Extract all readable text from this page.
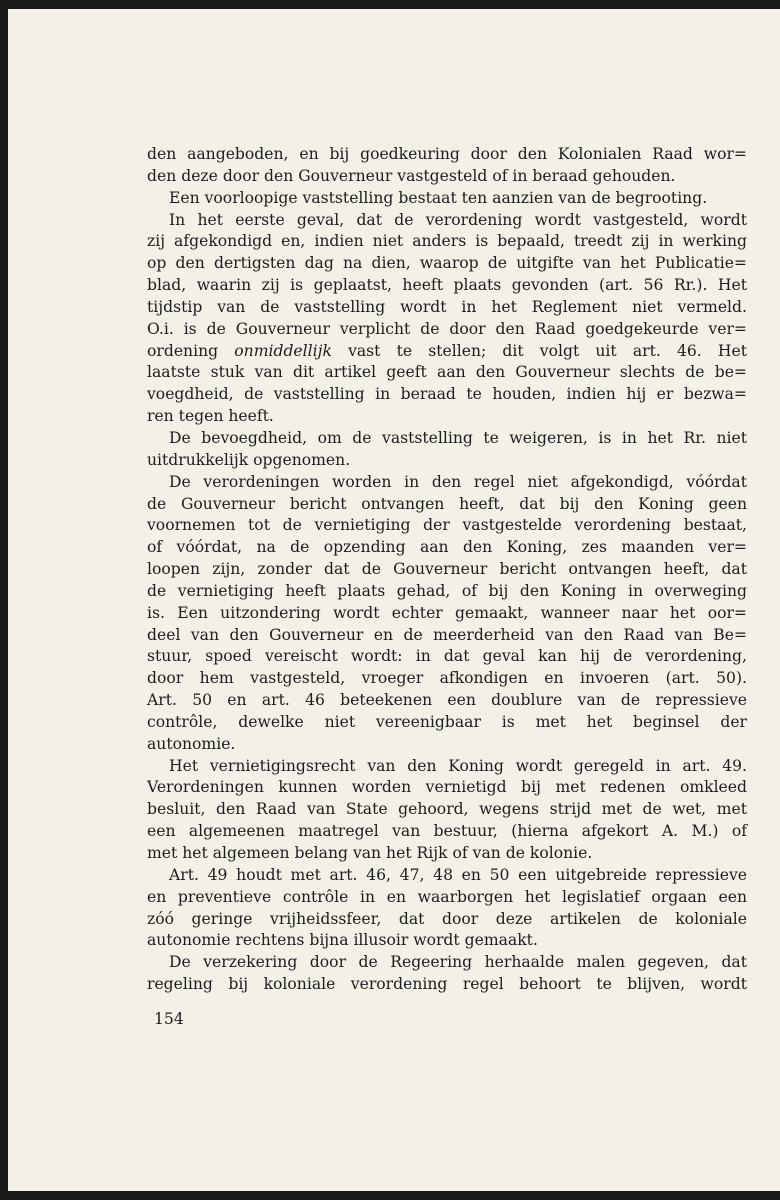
den aangeboden, en bij goedkeuring door den Kolonialen Raad wor=
den deze door den Gouverneur vastgesteld of in beraad gehouden.
Een voorloopige vaststelling bestaat ten aanzien van de begrooting.
In het eerste geval, dat de verordening wordt vastgesteld, wordt
zij afgekondigd en, indien niet anders is bepaald, treedt zij in werking
op den dertigsten dag na dien, waarop de uitgifte van het Publicatie=
blad, waarin zij is geplaatst, heeft plaats gevonden (art. 56 Rr.). Het
tijdstip van de vaststelling wordt in het Reglement niet vermeld.
O.i. is de Gouverneur verplicht de door den Raad goedgekeurde ver=
ordening onmiddellijk vast te stellen; dit volgt uit art. 46. Het
laatste stuk van dit artikel geeft aan den Gouverneur slechts de be=
voegdheid, de vaststelling in beraad te houden, indien hij er bezwa=
ren tegen heeft.
De bevoegdheid, om de vaststelling te weigeren, is in het Rr. niet
uitdrukkelijk opgenomen.
De verordeningen worden in den regel niet afgekondigd, vóórdat
de Gouverneur bericht ontvangen heeft, dat bij den Koning geen
voornemen tot de vernietiging der vastgestelde verordening bestaat,
of vóórdat, na de opzending aan den Koning, zes maanden ver=
loopen zijn, zonder dat de Gouverneur bericht ontvangen heeft, dat
de vernietiging heeft plaats gehad, of bij den Koning in overweging
is. Een uitzondering wordt echter gemaakt, wanneer naar het oor=
deel van den Gouverneur en de meerderheid van den Raad van Be=
stuur, spoed vereischt wordt: in dat geval kan hij de verordening,
door hem vastgesteld, vroeger afkondigen en invoeren (art. 50).
Art. 50 en art. 46 beteekenen een doublure van de repressieve
contrôle, dewelke niet vereenigbaar is met het beginsel der
autonomie.
Het vernietigingsrecht van den Koning wordt geregeld in art. 49.
Verordeningen kunnen worden vernietigd bij met redenen omkleed
besluit, den Raad van State gehoord, wegens strijd met de wet, met
een algemeenen maatregel van bestuur, (hierna afgekort A. M.) of
met het algemeen belang van het Rijk of van de kolonie.
Art. 49 houdt met art. 46, 47, 48 en 50 een uitgebreide repressieve
en preventieve contrôle in en waarborgen het legislatief orgaan een
zóó geringe vrijheidssfeer, dat door deze artikelen de koloniale
autonomie rechtens bijna illusoir wordt gemaakt.
De verzekering door de Regeering herhaalde malen gegeven, dat
regeling bij koloniale verordening regel behoort te blijven, wordt
154
